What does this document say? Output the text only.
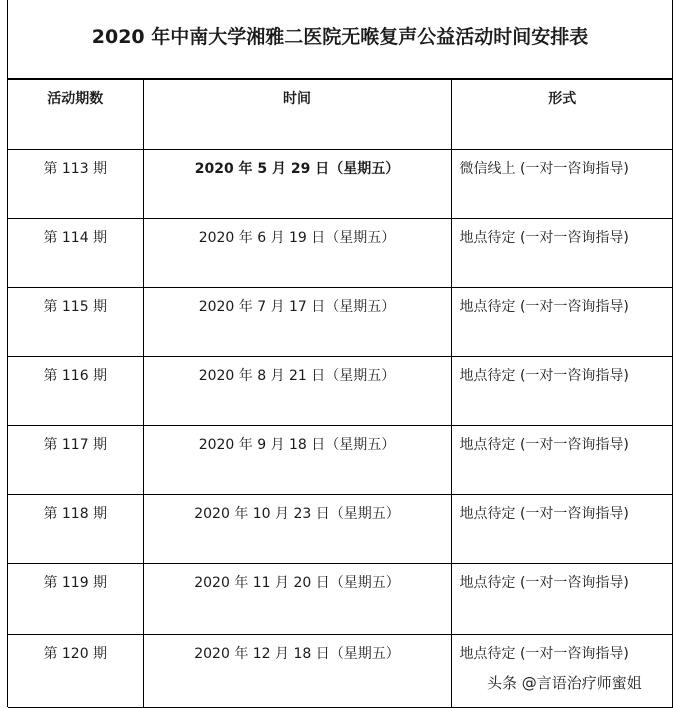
2020 年中南大学湘雅二医院无喉复声公益活动时间安排表
活动期数	时间	形式
第 113 期	2020 年 5 月 29 日（星期五）	微信线上 (一对一咨询指导)
第 114 期	2020 年 6 月 19 日（星期五）	地点待定 (一对一咨询指导)
第 115 期	2020 年 7 月 17 日（星期五）	地点待定 (一对一咨询指导)
第 116 期	2020 年 8 月 21 日（星期五）	地点待定 (一对一咨询指导)
第 117 期	2020 年 9 月 18 日（星期五）	地点待定 (一对一咨询指导)
第 118 期	2020 年 10 月 23 日（星期五）	地点待定 (一对一咨询指导)
第 119 期	2020 年 11 月 20 日（星期五）	地点待定 (一对一咨询指导)
第 120 期	2020 年 12 月 18 日（星期五）	地点待定 (一对一咨询指导)
头条 @言语治疗师蜜姐
